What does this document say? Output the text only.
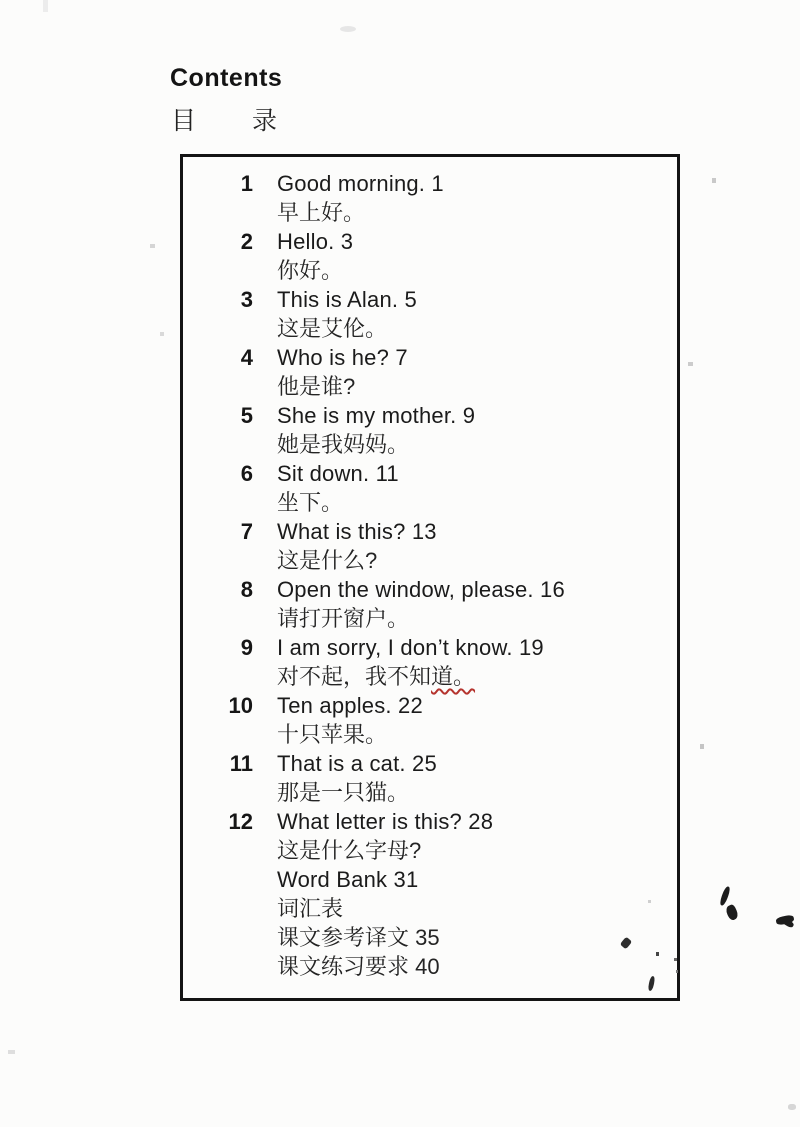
Contents
目 录
1 Good morning. 1
早上好。
2 Hello. 3
你好。
3 This is Alan. 5
这是艾伦。
4 Who is he? 7
他是谁?
5 She is my mother. 9
她是我妈妈。
6 Sit down. 11
坐下。
7 What is this? 13
这是什么?
8 Open the window, please. 16
请打开窗户。
9 I am sorry, I don’t know. 19
对不起，我不知道。
10 Ten apples. 22
十只苹果。
11 That is a cat. 25
那是一只猫。
12 What letter is this? 28
这是什么字母?
Word Bank 31
词汇表
课文参考译文 35
课文练习要求 40
